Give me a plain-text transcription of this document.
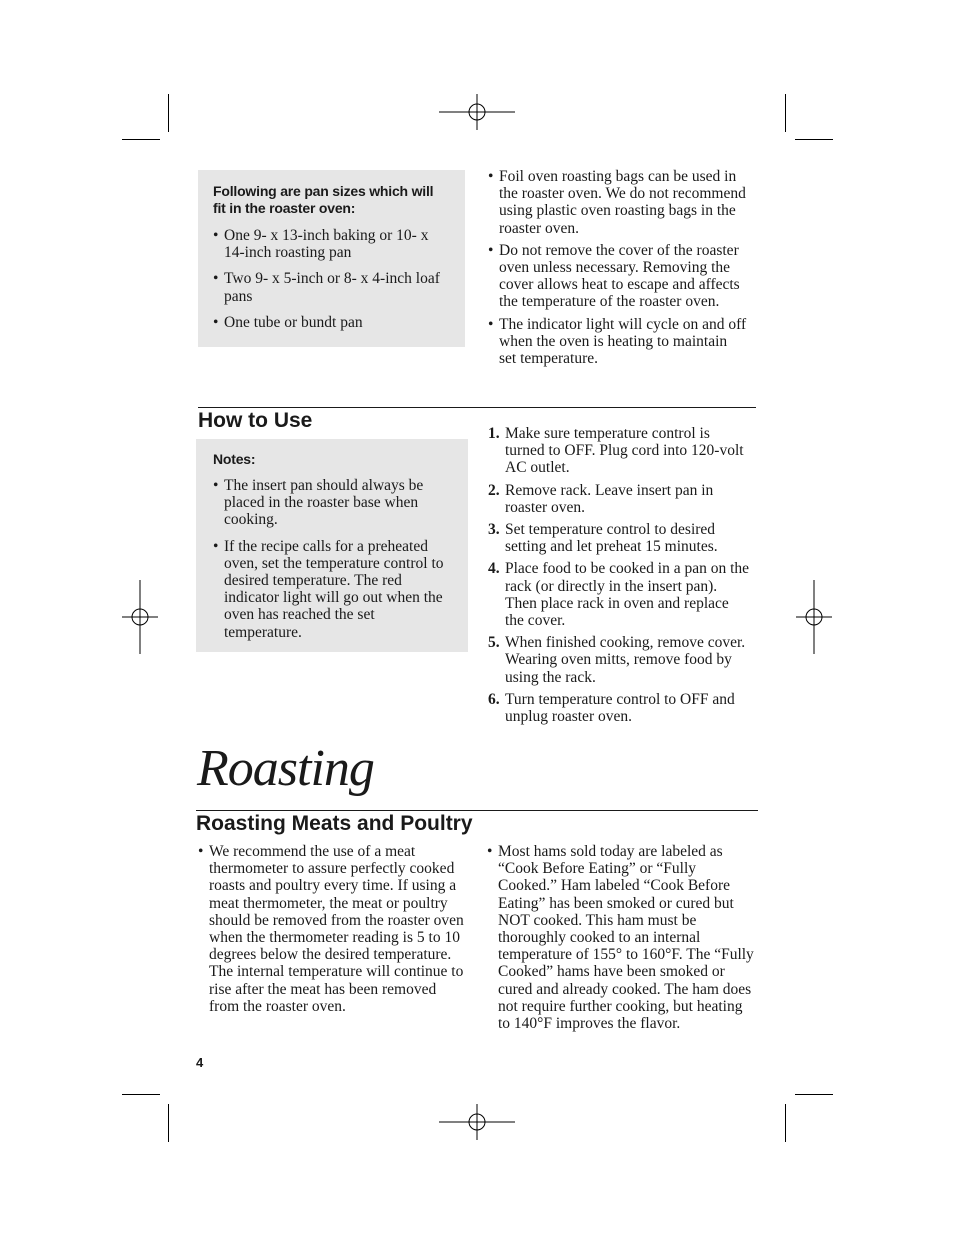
Following are pan sizes which will fit in the roaster oven:
• One 9- x 13-inch baking or 10- x 14-inch roasting pan
• Two 9- x 5-inch or 8- x 4-inch loaf pans
• One tube or bundt pan
• Foil oven roasting bags can be used in the roaster oven. We do not recommend using plastic oven roasting bags in the roaster oven.
• Do not remove the cover of the roaster oven unless necessary. Removing the cover allows heat to escape and affects the temperature of the roaster oven.
• The indicator light will cycle on and off when the oven is heating to maintain set temperature.
How to Use
Notes:
• The insert pan should always be placed in the roaster base when cooking.
• If the recipe calls for a preheated oven, set the temperature control to desired temperature. The red indicator light will go out when the oven has reached the set temperature.
1. Make sure temperature control is turned to OFF. Plug cord into 120-volt AC outlet.
2. Remove rack. Leave insert pan in roaster oven.
3. Set temperature control to desired setting and let preheat 15 minutes.
4. Place food to be cooked in a pan on the rack (or directly in the insert pan). Then place rack in oven and replace the cover.
5. When finished cooking, remove cover. Wearing oven mitts, remove food by using the rack.
6. Turn temperature control to OFF and unplug roaster oven.
Roasting
Roasting Meats and Poultry
• We recommend the use of a meat thermometer to assure perfectly cooked roasts and poultry every time. If using a meat thermometer, the meat or poultry should be removed from the roaster oven when the thermometer reading is 5 to 10 degrees below the desired temperature. The internal temperature will continue to rise after the meat has been removed from the roaster oven.
• Most hams sold today are labeled as “Cook Before Eating” or “Fully Cooked.” Ham labeled “Cook Before Eating” has been smoked or cured but NOT cooked. This ham must be thoroughly cooked to an internal temperature of 155° to 160°F. The “Fully Cooked” hams have been smoked or cured and already cooked. The ham does not require further cooking, but heating to 140°F improves the flavor.
4
